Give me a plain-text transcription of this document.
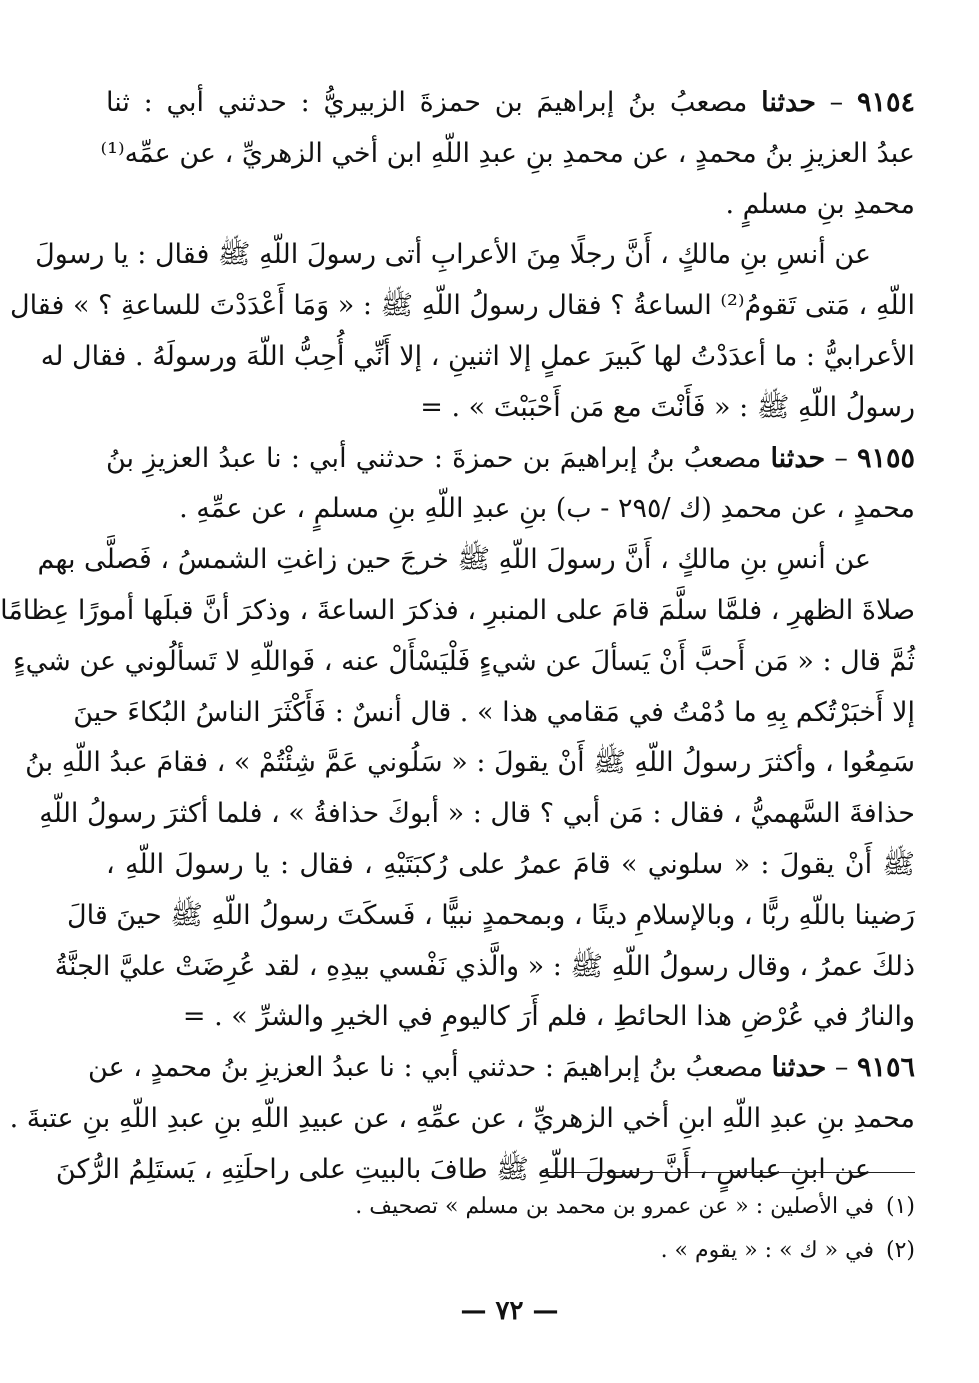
٩١٥٤ – حدثنا مصعبُ بنُ إبراهيمَ بن حمزةَ الزبيريُّ : حدثني أبي : ثنا
عبدُ العزيزِ بنُ محمدٍ ، عن محمدِ بنِ عبدِ اللّهِ ابن أخي الزهريِّ ، عن عمِّه⁽¹⁾
محمدِ بنِ مسلمٍ .
عن أنسِ بنِ مالكٍ ، أَنَّ رجلًا مِنَ الأعرابِ أتى رسولَ اللّهِ ﷺ فقال : يا رسولَ
اللّهِ ، مَتى تَقومُ⁽²⁾ الساعةُ ؟ فقال رسولُ اللّهِ ﷺ : « وَمَا أَعْدَدْتَ للساعةِ ؟ » فقال
الأعرابيُّ : ما أعدَدْتُ لها كَبيرَ عملٍ إلا اثنينِ ، إلا أَنِّي أُحِبُّ اللّهَ ورسولَهُ . فقال له
رسولُ اللّهِ ﷺ : « فَأَنْتَ مع مَن أَحْبَبْتَ » . =
٩١٥٥ – حدثنا مصعبُ بنُ إبراهيمَ بن حمزةَ : حدثني أبي : نا عبدُ العزيزِ بنُ
محمدٍ ، عن محمدِ (ك /٢٩٥ - ب) بنِ عبدِ اللّهِ بنِ مسلمٍ ، عن عمِّهِ .
عن أنسِ بنِ مالكٍ ، أَنَّ رسولَ اللّهِ ﷺ خرجَ حين زاغتِ الشمسُ ، فَصلَّى بهم
صلاةَ الظهرِ ، فلمَّا سلَّمَ قامَ على المنبرِ ، فذكرَ الساعةَ ، وذكرَ أنَّ قبلَها أمورًا عِظامًا
ثُمَّ قال : « مَن أَحبَّ أَنْ يَسألَ عن شيءٍ فَلْيَسْأَلْ عنه ، فَواللّهِ لا تَسألُوني عن شيءٍ
إلا أَخبَرْتُكم بِهِ ما دُمْتُ في مَقامي هذا » . قال أنسٌ : فَأَكْثَرَ الناسُ البُكاءَ حينَ
سَمِعُوا ، وأكثرَ رسولُ اللّهِ ﷺ أَنْ يقولَ : « سَلُوني عَمَّ شِئْتُمْ » ، فقامَ عبدُ اللّهِ بنُ
حذافةَ السَّهميُّ ، فقال : مَن أبي ؟ قال : « أبوكَ حذافةُ » ، فلما أكثرَ رسولُ اللّهِ
ﷺ أَنْ يقولَ : « سلوني » قامَ عمرُ على رُكبَتَيْهِ ، فقال : يا رسولَ اللّهِ ،
رَضينا باللّهِ ربًّا ، وبالإسلامِ دينًا ، وبمحمدٍ نبيًّا ، فَسكَتَ رسولُ اللّهِ ﷺ حينَ قالَ
ذلكَ عمرُ ، وقال رسولُ اللّهِ ﷺ : « والَّذي نَفْسي بيدِهِ ، لقد عُرِضَتْ عليَّ الجنَّةُ
والنارُ في عُرْضِ هذا الحائطِ ، فلم أَرَ كاليومِ في الخيرِ والشرِّ » . =
٩١٥٦ – حدثنا مصعبُ بنُ إبراهيمَ : حدثني أبي : نا عبدُ العزيزِ بنُ محمدٍ ، عن
محمدِ بنِ عبدِ اللّهِ ابنِ أخي الزهريِّ ، عن عمِّهِ ، عن عبيدِ اللّهِ بنِ عبدِ اللّهِ بنِ عتبةَ .
عن ابنِ عباسٍ ، أَنَّ رسولَ اللّهِ ﷺ طافَ بالبيتِ على راحلَتِهِ ، يَستَلِمُ الرُّكنَ
(١)في الأصلين : « عن عمرو بن محمد بن مسلم » تصحيف .
(٢)في « ك » : « يقوم » .
— ٧٢ —
